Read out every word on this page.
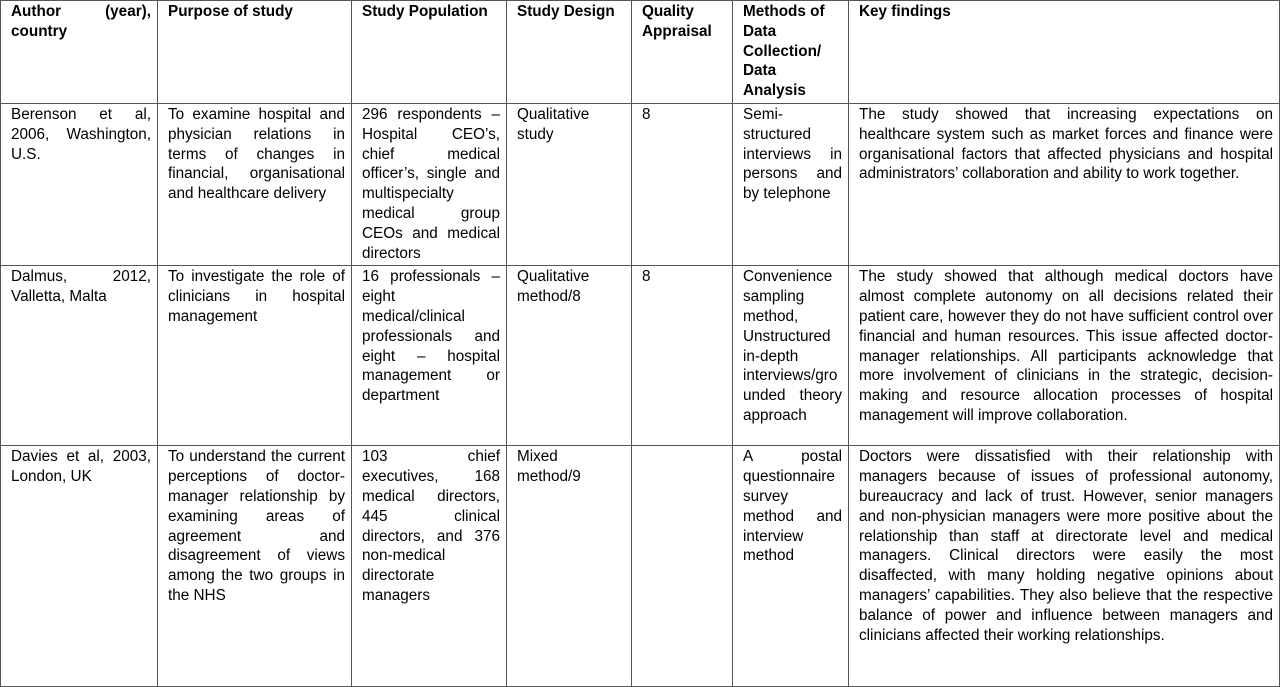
Author (year), country	Purpose of study	Study Population	Study Design	Quality Appraisal	Methods of Data Collection/ Data Analysis	Key findings
Berenson et al, 2006, Washington, U.S.	To examine hospital and physician relations in terms of changes in financial, organisational and healthcare delivery	296 respondents – Hospital CEO’s, chief medical officer’s, single and multispecialty medical group CEOs and medical directors	Qualitative study	8	Semi-structured interviews in persons and by telephone	The study showed that increasing expectations on healthcare system such as market forces and finance were organisational factors that affected physicians and hospital administrators’ collaboration and ability to work together.
Dalmus, 2012, Valletta, Malta	To investigate the role of clinicians in hospital management	16 professionals – eight medical/clinical professionals and eight – hospital management or department	Qualitative method/8	8	Convenience sampling method, Unstructured in-depth interviews/grounded theory approach	The study showed that although medical doctors have almost complete autonomy on all decisions related their patient care, however they do not have sufficient control over financial and human resources. This issue affected doctor-manager relationships. All participants acknowledge that more involvement of clinicians in the strategic, decision-making and resource allocation processes of hospital management will improve collaboration.
Davies et al, 2003, London, UK	To understand the current perceptions of doctor-manager relationship by examining areas of agreement and disagreement of views among the two groups in the NHS	103 chief executives, 168 medical directors, 445 clinical directors, and 376 non-medical directorate managers	Mixed method/9		A postal questionnaire survey method and interview method	Doctors were dissatisfied with their relationship with managers because of issues of professional autonomy, bureaucracy and lack of trust. However, senior managers and non-physician managers were more positive about the relationship than staff at directorate level and medical managers. Clinical directors were easily the most disaffected, with many holding negative opinions about managers’ capabilities. They also believe that the respective balance of power and influence between managers and clinicians affected their working relationships.
